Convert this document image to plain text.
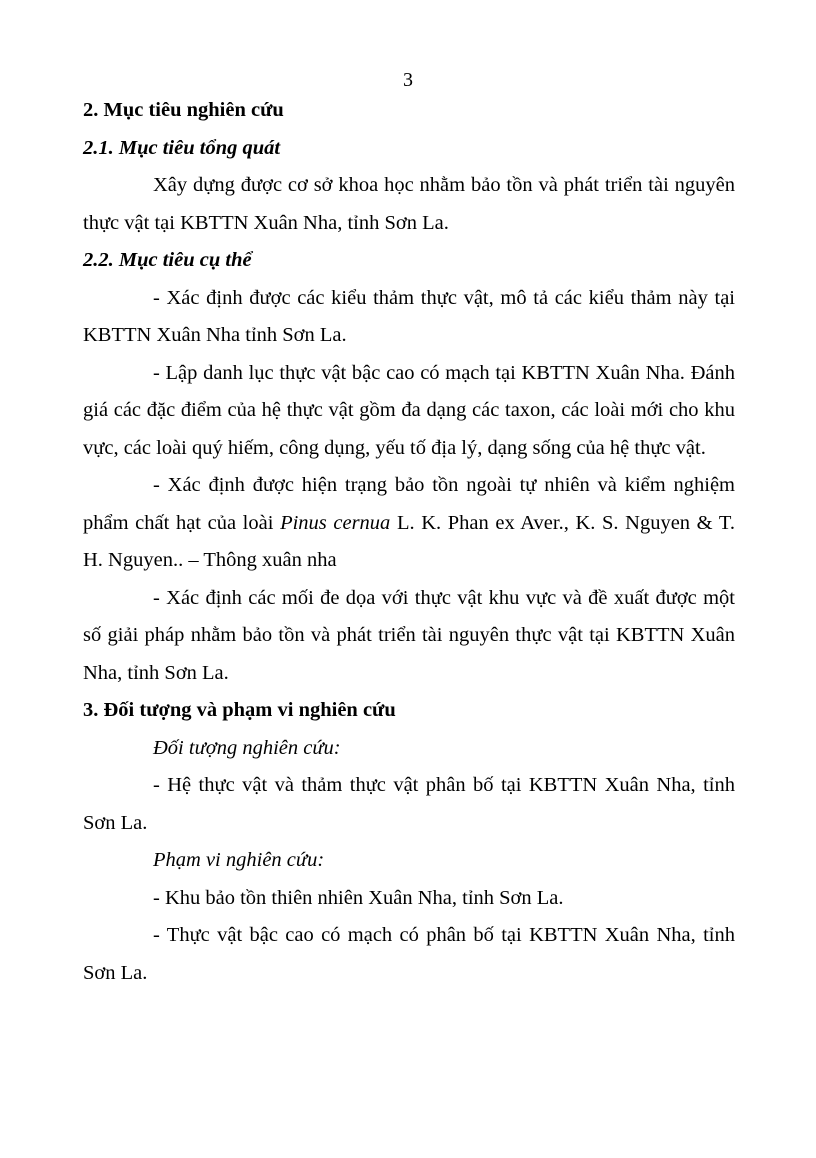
3

2. Mục tiêu nghiên cứu

2.1. Mục tiêu tổng quát

Xây dựng được cơ sở khoa học nhằm bảo tồn và phát triển tài nguyên thực vật tại KBTTN Xuân Nha, tỉnh Sơn La.

2.2. Mục tiêu cụ thể

- Xác định được các kiểu thảm thực vật, mô tả các kiểu thảm này tại KBTTN Xuân Nha tỉnh Sơn La.

- Lập danh lục thực vật bậc cao có mạch tại KBTTN Xuân Nha. Đánh giá các đặc điểm của hệ thực vật gồm đa dạng các taxon, các loài mới cho khu vực, các loài quý hiếm, công dụng, yếu tố địa lý, dạng sống của hệ thực vật.

- Xác định được hiện trạng bảo tồn ngoài tự nhiên và kiểm nghiệm phẩm chất hạt của loài Pinus cernua L. K. Phan ex Aver., K. S. Nguyen & T. H. Nguyen.. – Thông xuân nha

- Xác định các mối đe dọa với thực vật khu vực và đề xuất được một số giải pháp nhằm bảo tồn và phát triển tài nguyên thực vật tại KBTTN Xuân Nha, tỉnh Sơn La.

3. Đối tượng và phạm vi nghiên cứu

Đối tượng nghiên cứu:

- Hệ thực vật và thảm thực vật phân bố tại KBTTN Xuân Nha, tỉnh Sơn La.

Phạm vi nghiên cứu:

- Khu bảo tồn thiên nhiên Xuân Nha, tỉnh Sơn La.

- Thực vật bậc cao có mạch có phân bố tại KBTTN Xuân Nha, tỉnh Sơn La.
